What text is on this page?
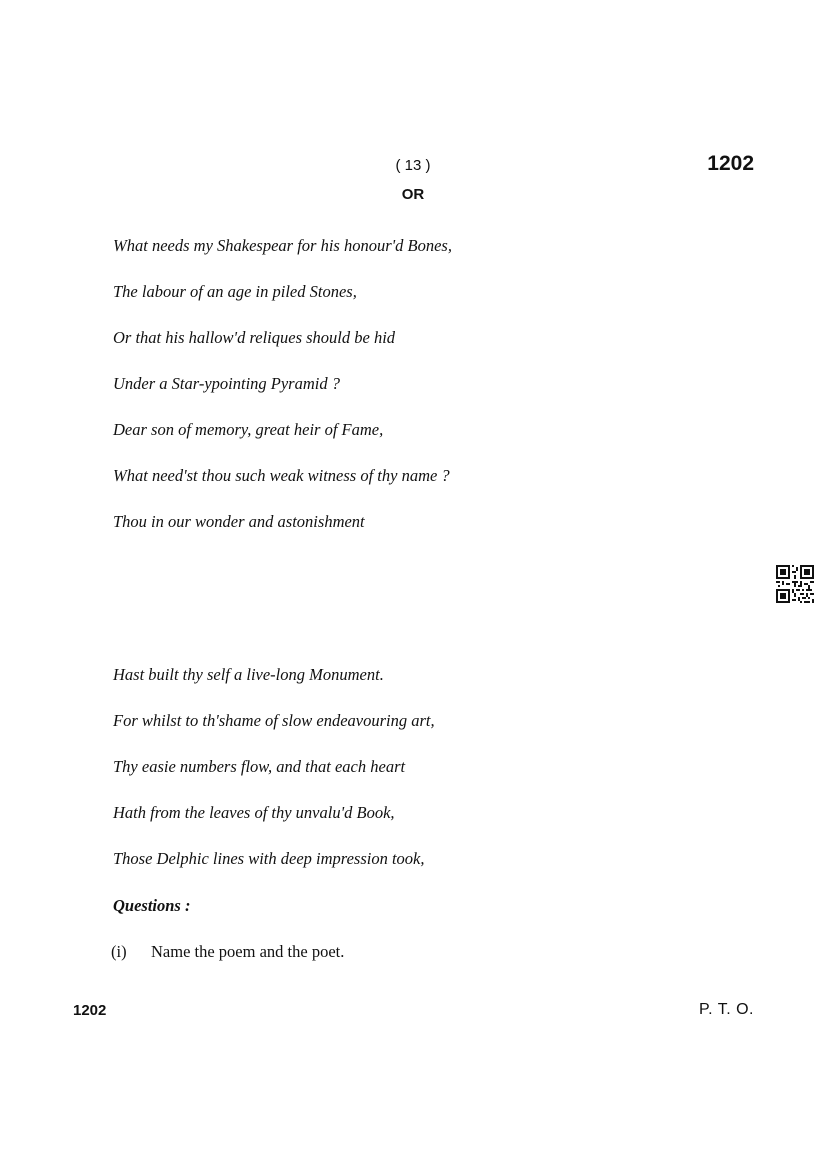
( 13 )	1202
OR
What needs my Shakespear for his honour'd Bones,
The labour of an age in piled Stones,
Or that his hallow'd reliques should be hid
Under a Star-ypointing Pyramid ?
Dear son of memory, great heir of Fame,
What need'st thou such weak witness of thy name ?
Thou in our wonder and astonishment
Hast built thy self a live-long Monument.
For whilst to th'shame of slow endeavouring art,
Thy easie numbers flow, and that each heart
Hath from the leaves of thy unvalu'd Book,
Those Delphic lines with deep impression took,
Questions :
(i) Name the poem and the poet.
1202	P. T. O.
